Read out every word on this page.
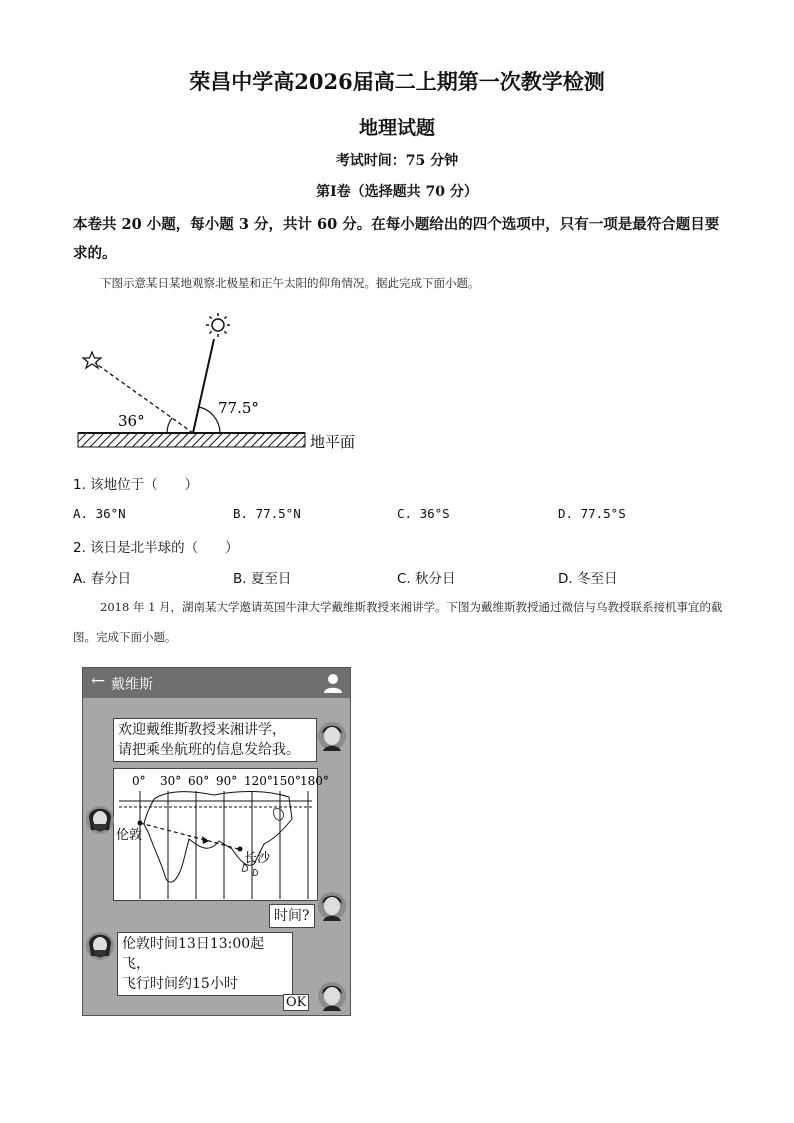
荣昌中学高2026届高二上期第一次教学检测
地理试题
考试时间：75 分钟
第Ⅰ卷（选择题共 70 分）
本卷共 20 小题，每小题 3 分，共计 60 分。在每小题给出的四个选项中，只有一项是最符合题目要求的。
下图示意某日某地观察北极星和正午太阳的仰角情况。据此完成下面小题。
36°
77.5°
地平面
1. 该地位于（　　）
A. 36°N	B. 77.5°N	C. 36°S	D. 77.5°S
2. 该日是北半球的（　　）
A. 春分日	B. 夏至日	C. 秋分日	D. 冬至日
2018 年 1 月，湖南某大学邀请英国牛津大学戴维斯教授来湘讲学。下图为戴维斯教授通过微信与乌教授联系接机事宜的截图。完成下面小题。
← 戴维斯
欢迎戴维斯教授来湘讲学，
请把乘坐航班的信息发给我。
0° 30° 60° 90° 120° 150° 180°
伦敦
长沙
时间?
伦敦时间13日13:00起飞，
飞行时间约15小时
OK
